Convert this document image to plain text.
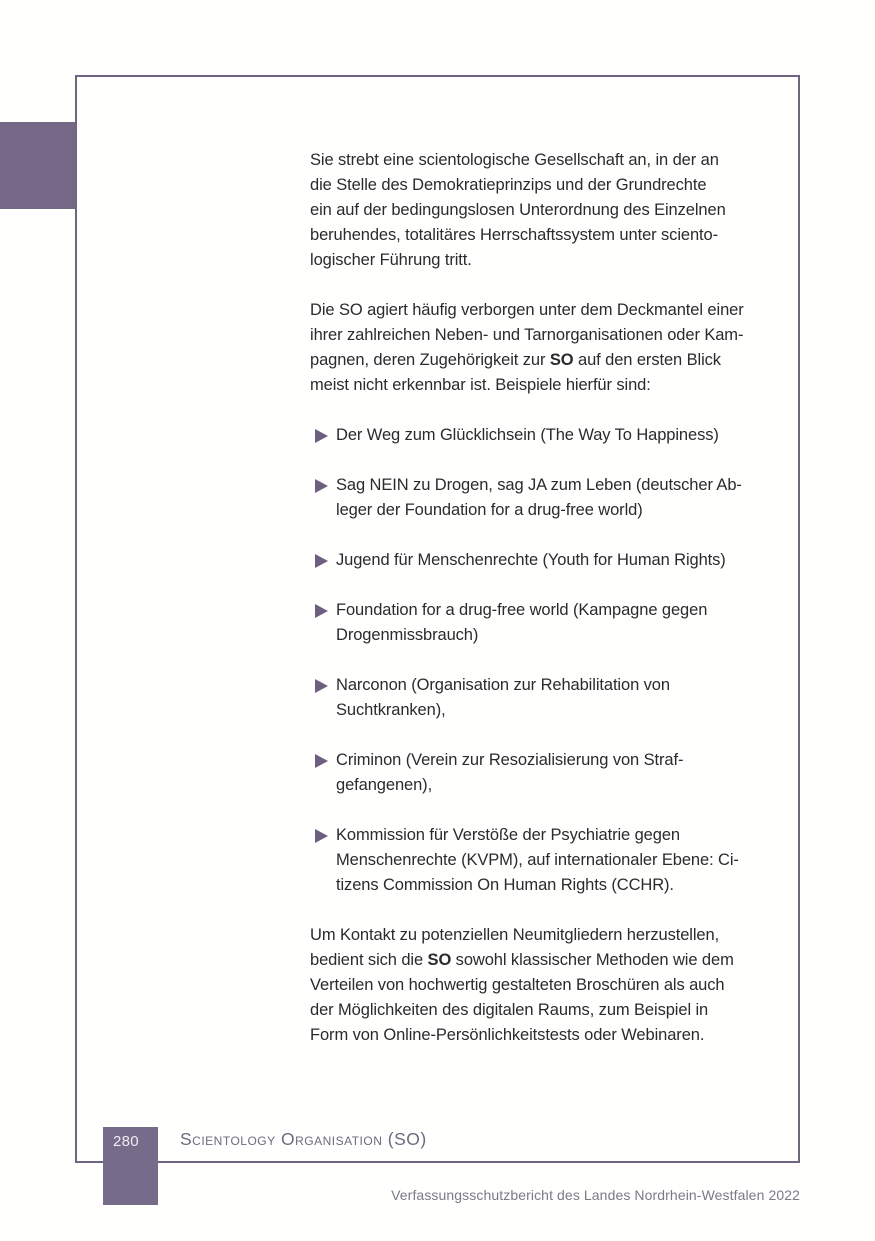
Sie strebt eine scientologische Gesellschaft an, in der an
die Stelle des Demokratieprinzips und der Grundrechte
ein auf der bedingungslosen Unterordnung des Einzelnen
beruhendes, totalitäres Herrschaftssystem unter sciento-
logischer Führung tritt.
Die SO agiert häufig verborgen unter dem Deckmantel einer
ihrer zahlreichen Neben- und Tarnorganisationen oder Kam-
pagnen, deren Zugehörigkeit zur SO auf den ersten Blick
meist nicht erkennbar ist. Beispiele hierfür sind:
Der Weg zum Glücklichsein (The Way To Happiness)
Sag NEIN zu Drogen, sag JA zum Leben (deutscher Ab-
leger der Foundation for a drug-free world)
Jugend für Menschenrechte (Youth for Human Rights)
Foundation for a drug-free world (Kampagne gegen
Drogenmissbrauch)
Narconon (Organisation zur Rehabilitation von
Suchtkranken),
Criminon (Verein zur Resozialisierung von Straf-
gefangenen),
Kommission für Verstöße der Psychiatrie gegen
Menschenrechte (KVPM), auf internationaler Ebene: Ci-
tizens Commission On Human Rights (CCHR).
Um Kontakt zu potenziellen Neumitgliedern herzustellen,
bedient sich die SO sowohl klassischer Methoden wie dem
Verteilen von hochwertig gestalteten Broschüren als auch
der Möglichkeiten des digitalen Raums, zum Beispiel in
Form von Online-Persönlichkeitstests oder Webinaren.
280	Scientology Organisation (SO)
Verfassungsschutzbericht des Landes Nordrhein-Westfalen 2022
